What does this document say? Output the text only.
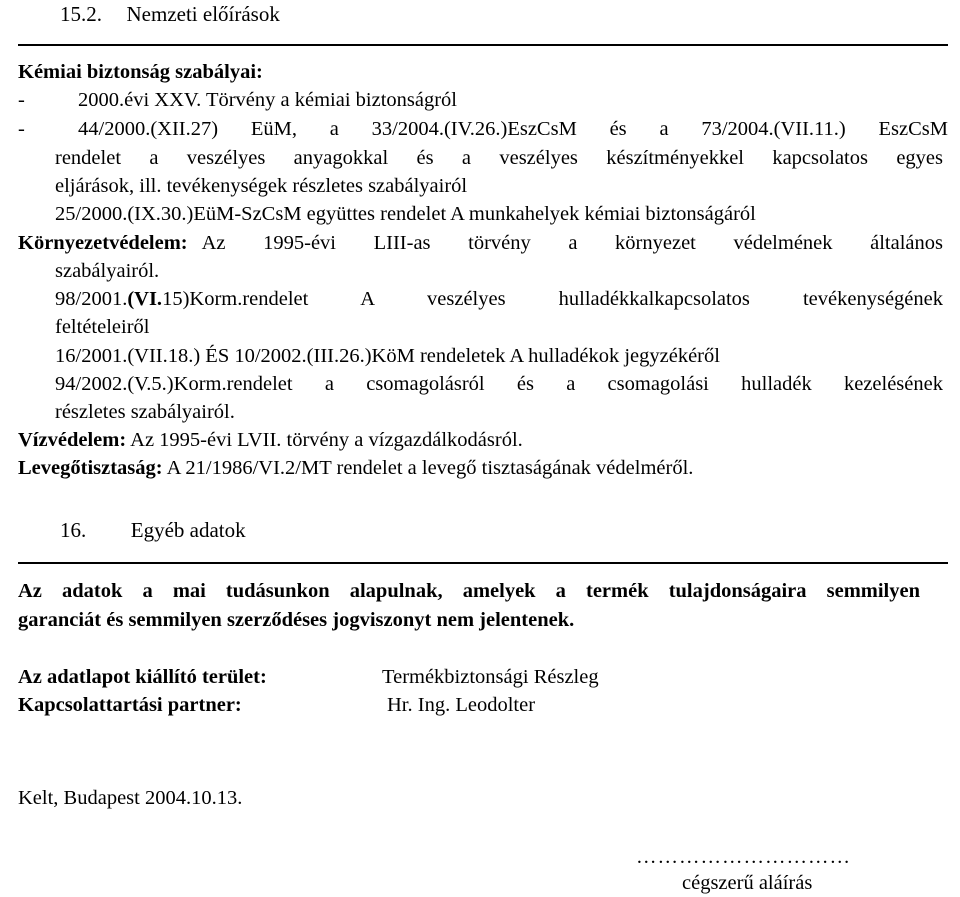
15.2. Nemzeti előírások
Kémiai biztonság szabályai:
-	2000.évi XXV. Törvény a kémiai biztonságról
-	44/2000.(XII.27) EüM, a 33/2004.(IV.26.)EszCsM és a 73/2004.(VII.11.) EszCsM
rendelet a veszélyes anyagokkal és a veszélyes készítményekkel kapcsolatos egyes
eljárások, ill. tevékenységek részletes szabályairól
25/2000.(IX.30.)EüM-SzCsM együttes rendelet A munkahelyek kémiai biztonságáról
Környezetvédelem: Az 1995-évi LIII-as törvény a környezet védelmének általános
szabályairól.
98/2001. (VI. 15)Korm.rendelet A veszélyes hulladékkalkapcsolatos tevékenységének
feltételeiről
16/2001.(VII.18.) ÉS 10/2002.(III.26.)KöM rendeletek A hulladékok jegyzékéről
94/2002.(V.5.)Korm.rendelet a csomagolásról és a csomagolási hulladék kezelésének
részletes szabályairól.
Vízvédelem: Az 1995-évi LVII. törvény a vízgazdálkodásról.
Levegőtisztaság: A 21/1986/VI.2/MT rendelet a levegő tisztaságának védelméről.
16. Egyéb adatok
Az adatok a mai tudásunkon alapulnak, amelyek a termék tulajdonságaira semmilyen
garanciát és semmilyen szerződéses jogviszonyt nem jelentenek.
Az adatlapot kiállító terület:	Termékbiztonsági Részleg
Kapcsolattartási partner:	Hr. Ing. Leodolter
Kelt, Budapest 2004.10.13.
…………………………
cégszerű aláírás
